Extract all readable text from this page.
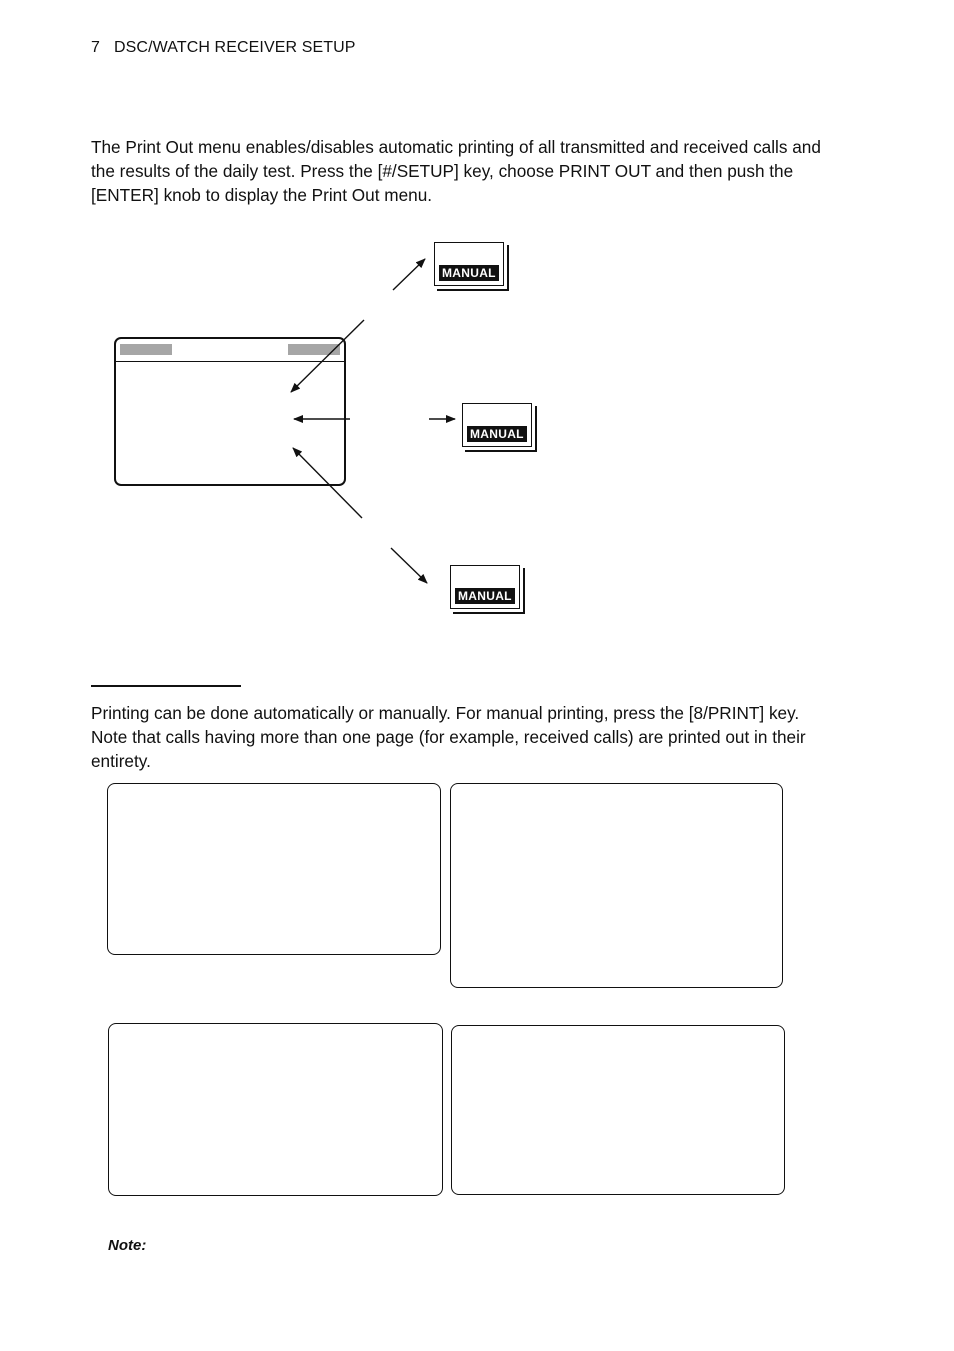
7 DSC/WATCH RECEIVER SETUP

The Print Out menu enables/disables automatic printing of all transmitted and received calls and the results of the daily test. Press the [#/SETUP] key, choose PRINT OUT and then push the [ENTER] knob to display the Print Out menu.

MANUAL
MANUAL
MANUAL

Printing can be done automatically or manually. For manual printing, press the [8/PRINT] key. Note that calls having more than one page (for example, received calls) are printed out in their entirety.

Note:
